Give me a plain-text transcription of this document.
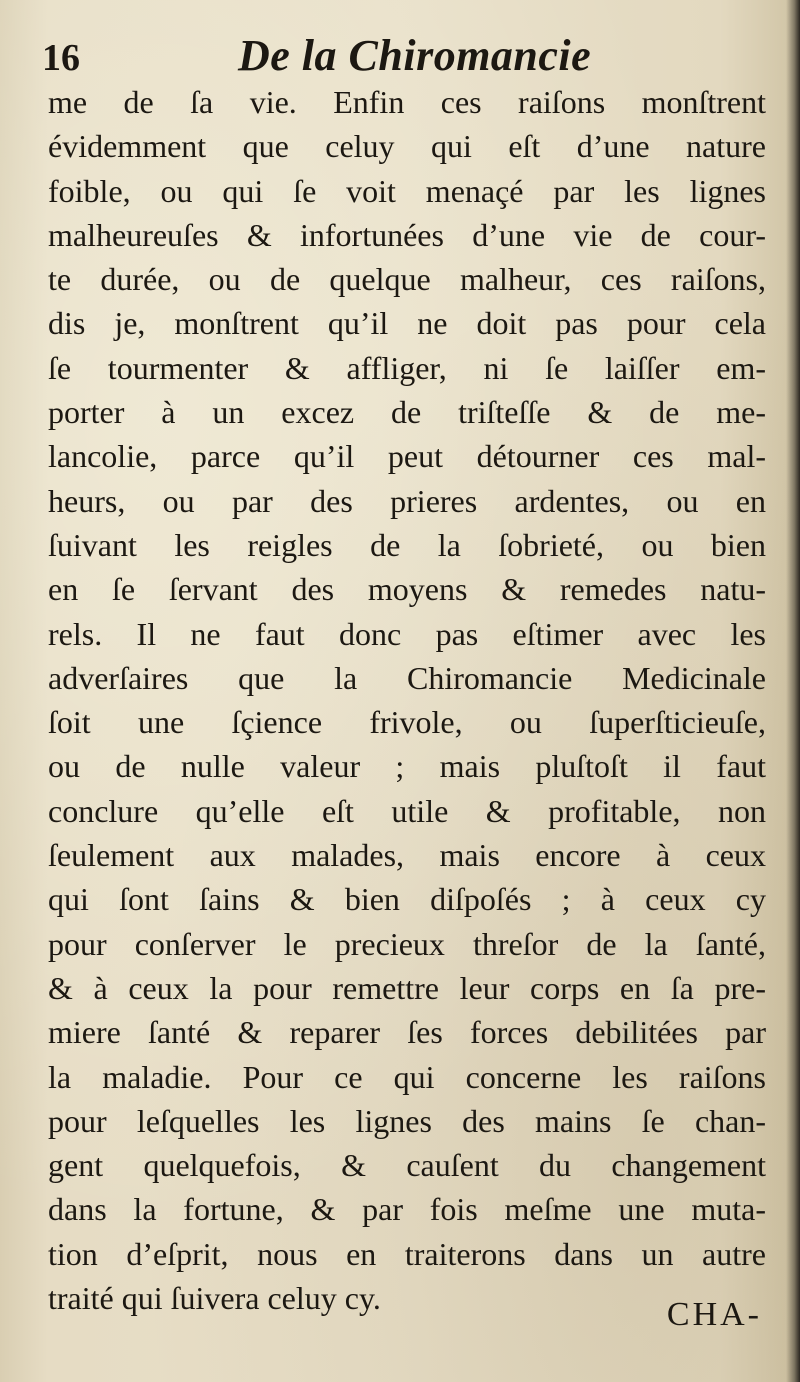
16	De la Chiromancie
me de ſa vie. Enfin ces raiſons monſtrent
évidemment que celuy qui eſt d’une nature
foible, ou qui ſe voit menaçé par les lignes
malheureuſes & infortunées d’une vie de cour-
te durée, ou de quelque malheur, ces raiſons,
dis je, monſtrent qu’il ne doit pas pour cela
ſe tourmenter & affliger, ni ſe laiſſer em-
porter à un excez de triſteſſe & de me-
lancolie, parce qu’il peut détourner ces mal-
heurs, ou par des prieres ardentes, ou en
ſuivant les reigles de la ſobrieté, ou bien
en ſe ſervant des moyens & remedes natu-
rels. Il ne faut donc pas eſtimer avec les
adverſaires que la Chiromancie Medicinale
ſoit une ſçience frivole, ou ſuperſticieuſe,
ou de nulle valeur ; mais pluſtoſt il faut
conclure qu’elle eſt utile & profitable, non
ſeulement aux malades, mais encore à ceux
qui ſont ſains & bien diſpoſés ; à ceux cy
pour conſerver le precieux threſor de la ſanté,
& à ceux la pour remettre leur corps en ſa pre-
miere ſanté & reparer ſes forces debilitées par
la maladie. Pour ce qui concerne les raiſons
pour leſquelles les lignes des mains ſe chan-
gent quelquefois, & cauſent du changement
dans la fortune, & par fois meſme une muta-
tion d’eſprit, nous en traiterons dans un autre
traité qui ſuivera celuy cy.	CHA-
